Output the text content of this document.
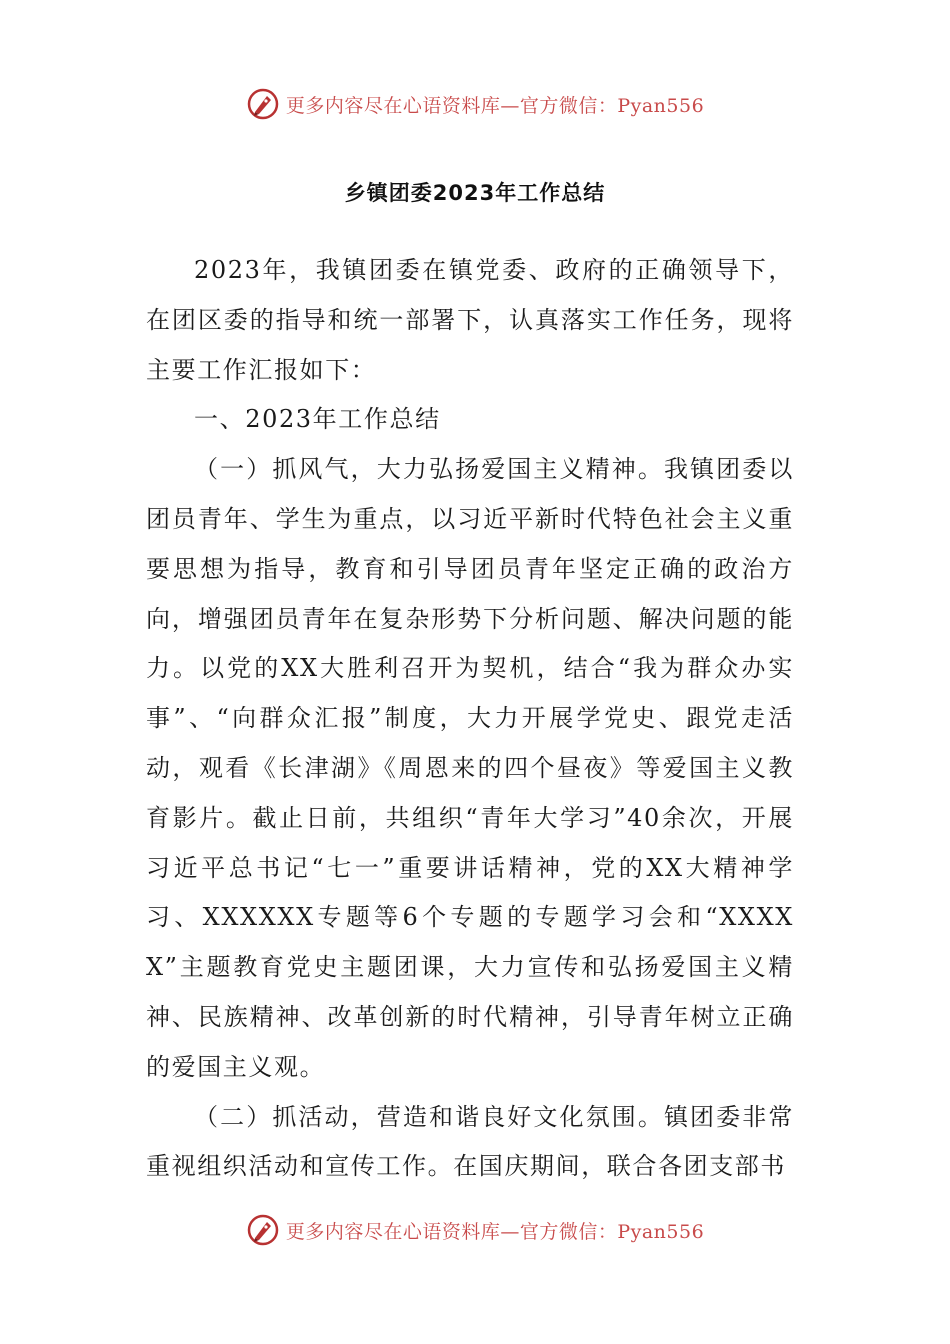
更多内容尽在心语资料库—官方微信：Pyan556
乡镇团委2023年工作总结

2023年，我镇团委在镇党委、政府的正确领导下，在团区委的指导和统一部署下，认真落实工作任务，现将主要工作汇报如下：

一、2023年工作总结

（一）抓风气，大力弘扬爱国主义精神。我镇团委以团员青年、学生为重点，以习近平新时代特色社会主义重要思想为指导，教育和引导团员青年坚定正确的政治方向，增强团员青年在复杂形势下分析问题、解决问题的能力。以党的XX大胜利召开为契机，结合“我为群众办实事”、“向群众汇报”制度，大力开展学党史、跟党走活动，观看《长津湖》《周恩来的四个昼夜》等爱国主义教育影片。截止日前，共组织“青年大学习”40余次，开展习近平总书记“七一”重要讲话精神，党的XX大精神学习、XXXXXX专题等6个专题的专题学习会和“XXXXX”主题教育党史主题团课，大力宣传和弘扬爱国主义精神、民族精神、改革创新的时代精神，引导青年树立正确的爱国主义观。

（二）抓活动，营造和谐良好文化氛围。镇团委非常重视组织活动和宣传工作。在国庆期间，联合各团支部书

更多内容尽在心语资料库—官方微信：Pyan556
